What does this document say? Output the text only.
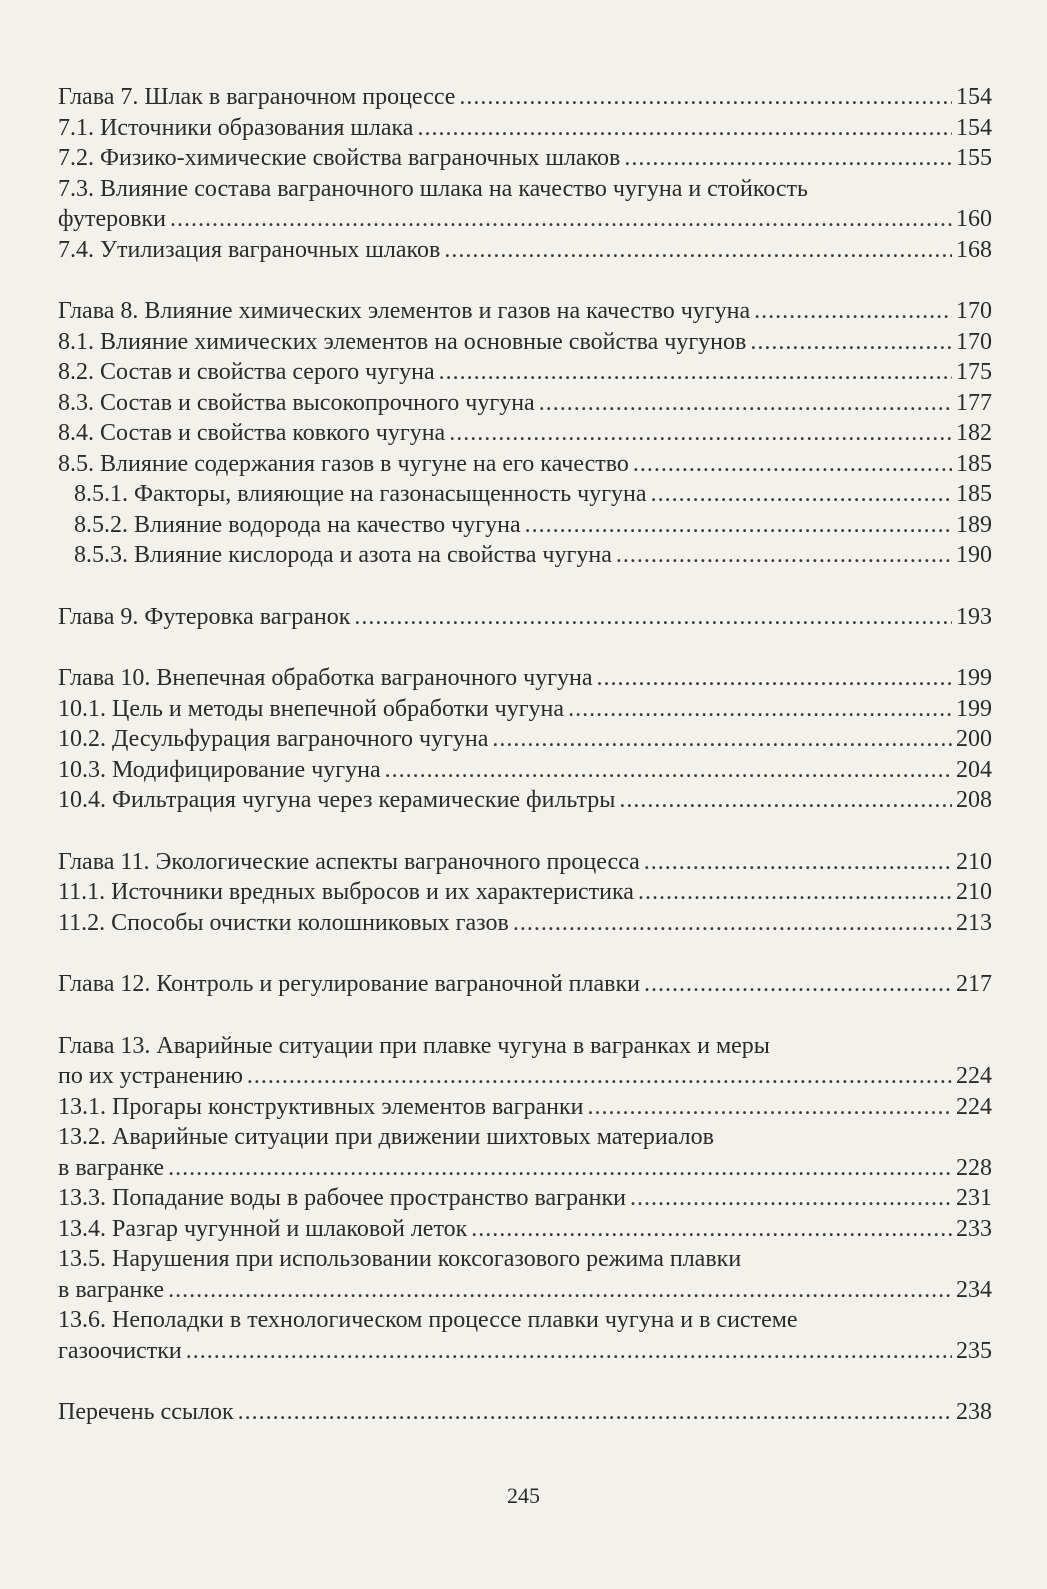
Глава 7. Шлак в ваграночном процессе .....	154
7.1. Источники образования шлака .....	154
7.2. Физико-химические свойства ваграночных шлаков .....	155
7.3. Влияние состава ваграночного шлака на качество чугуна и стойкость
футеровки .....	160
7.4. Утилизация ваграночных шлаков .....	168
Глава 8. Влияние химических элементов и газов на качество чугуна .....	170
8.1. Влияние химических элементов на основные свойства чугунов .....	170
8.2. Состав и свойства серого чугуна .....	175
8.3. Состав и свойства высокопрочного чугуна .....	177
8.4. Состав и свойства ковкого чугуна .....	182
8.5. Влияние содержания газов в чугуне на его качество .....	185
8.5.1. Факторы, влияющие на газонасыщенность чугуна .....	185
8.5.2. Влияние водорода на качество чугуна .....	189
8.5.3. Влияние кислорода и азота на свойства чугуна .....	190
Глава 9. Футеровка вагранок .....	193
Глава 10. Внепечная обработка ваграночного чугуна .....	199
10.1. Цель и методы внепечной обработки чугуна .....	199
10.2. Десульфурация ваграночного чугуна .....	200
10.3. Модифицирование чугуна .....	204
10.4. Фильтрация чугуна через керамические фильтры .....	208
Глава 11. Экологические аспекты ваграночного процесса .....	210
11.1. Источники вредных выбросов и их характеристика .....	210
11.2. Способы очистки колошниковых газов .....	213
Глава 12. Контроль и регулирование ваграночной плавки .....	217
Глава 13. Аварийные ситуации при плавке чугуна в вагранках и меры
по их устранению .....	224
13.1. Прогары конструктивных элементов вагранки .....	224
13.2. Аварийные ситуации при движении шихтовых материалов
в вагранке .....	228
13.3. Попадание воды в рабочее пространство вагранки .....	231
13.4. Разгар чугунной и шлаковой леток .....	233
13.5. Нарушения при использовании коксогазового режима плавки
в вагранке .....	234
13.6. Неполадки в технологическом процессе плавки чугуна и в системе
газоочистки .....	235
Перечень ссылок .....	238
245
